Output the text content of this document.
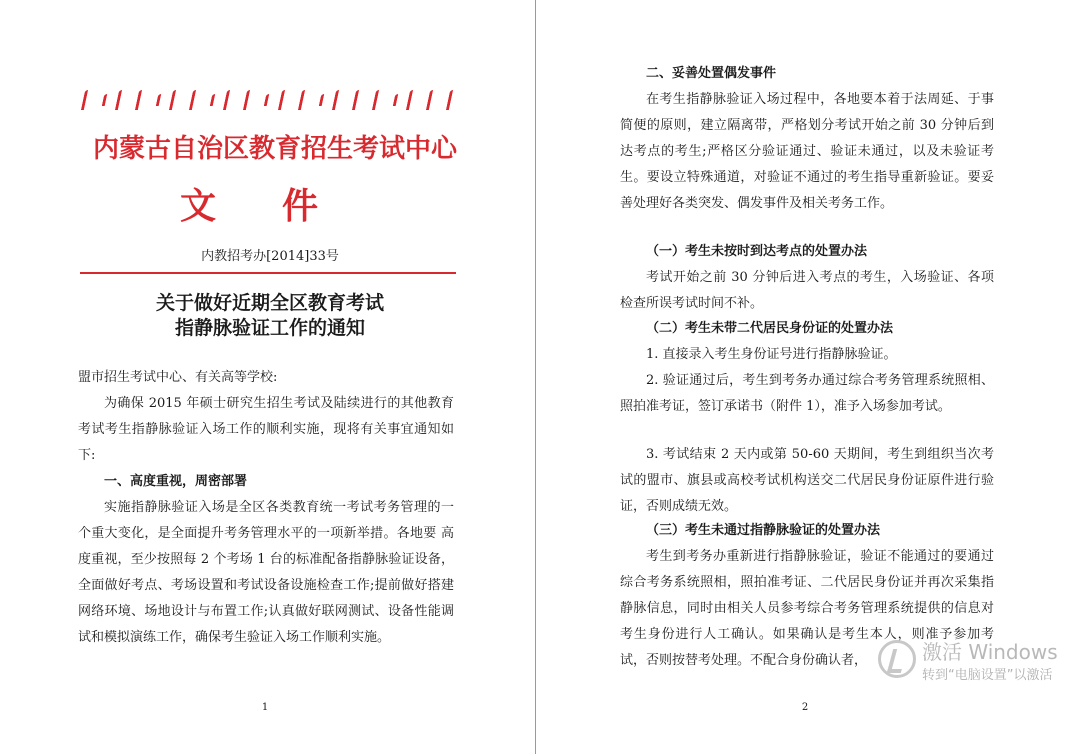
内蒙古自治区教育招生考试中心
文件
内教招考办[2014]33号
关于做好近期全区教育考试
指静脉验证工作的通知

盟市招生考试中心、有关高等学校:

为确保 2015 年硕士研究生招生考试及陆续进行的其他教育考试考生指静脉验证入场工作的顺利实施，现将有关事宜通知如下:

一、高度重视，周密部署

实施指静脉验证入场是全区各类教育统一考试考务管理的一个重大变化，是全面提升考务管理水平的一项新举措。各地要 高度重视，至少按照每 2 个考场 1 台的标准配备指静脉验证设备，全面做好考点、考场设置和考试设备设施检查工作;提前做好搭建网络环境、场地设计与布置工作;认真做好联网测试、设备性能调试和模拟演练工作，确保考生验证入场工作顺利实施。

1

二、妥善处置偶发事件

在考生指静脉验证入场过程中，各地要本着于法周延、于事简便的原则，建立隔离带，严格划分考试开始之前 30 分钟后到达考点的考生;严格区分验证通过、验证未通过，以及未验证考生。要设立特殊通道，对验证不通过的考生指导重新验证。要妥善处理好各类突发、偶发事件及相关考务工作。

（一）考生未按时到达考点的处置办法

考试开始之前 30 分钟后进入考点的考生，入场验证、各项检查所误考试时间不补。

（二）考生未带二代居民身份证的处置办法

1. 直接录入考生身份证号进行指静脉验证。

2. 验证通过后，考生到考务办通过综合考务管理系统照相、照拍准考证，签订承诺书（附件 1），准予入场参加考试。

3. 考试结束 2 天内或第 50-60 天期间，考生到组织当次考试的盟市、旗县或高校考试机构送交二代居民身份证原件进行验证，否则成绩无效。

（三）考生未通过指静脉验证的处置办法

考生到考务办重新进行指静脉验证，验证不能通过的要通过综合考务系统照相，照拍准考证、二代居民身份证并再次采集指静脉信息，同时由相关人员参考综合考务管理系统提供的信息对考生身份进行人工确认。如果确认是考生本人，则准予参加考试，否则按替考处理。不配合身份确认者，

2
激活 Windows
转到“电脑设置”以激活
